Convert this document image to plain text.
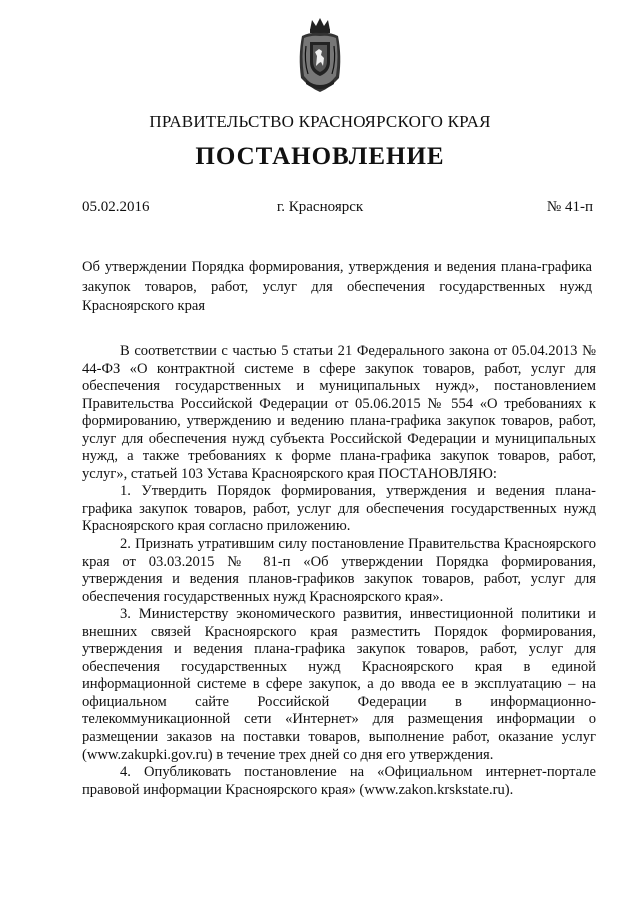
ПРАВИТЕЛЬСТВО КРАСНОЯРСКОГО КРАЯ
ПОСТАНОВЛЕНИЕ
05.02.2016	г. Красноярск	№ 41-п
Об утверждении Порядка формирования, утверждения и ведения плана-графика закупок товаров, работ, услуг для обеспечения государственных нужд Красноярского края

В соответствии с частью 5 статьи 21 Федерального закона от 05.04.2013 № 44-ФЗ «О контрактной системе в сфере закупок товаров, работ, услуг для обеспечения государственных и муниципальных нужд», постановлением Правительства Российской Федерации от 05.06.2015 № 554 «О требованиях к формированию, утверждению и ведению плана-графика закупок товаров, работ, услуг для обеспечения нужд субъекта Российской Федерации и муниципальных нужд, а также требованиях к форме плана-графика закупок товаров, работ, услуг», статьей 103 Устава Красноярского края ПОСТАНОВЛЯЮ:

1. Утвердить Порядок формирования, утверждения и ведения плана-графика закупок товаров, работ, услуг для обеспечения государственных нужд Красноярского края согласно приложению.

2. Признать утратившим силу постановление Правительства Красноярского края от 03.03.2015 № 81-п «Об утверждении Порядка формирования, утверждения и ведения планов-графиков закупок товаров, работ, услуг для обеспечения государственных нужд Красноярского края».

3. Министерству экономического развития, инвестиционной политики и внешних связей Красноярского края разместить Порядок формирования, утверждения и ведения плана-графика закупок товаров, работ, услуг для обеспечения государственных нужд Красноярского края в единой информационной системе в сфере закупок, а до ввода ее в эксплуатацию – на официальном сайте Российской Федерации в информационно-телекоммуникационной сети «Интернет» для размещения информации о размещении заказов на поставки товаров, выполнение работ, оказание услуг (www.zakupki.gov.ru) в течение трех дней со дня его утверждения.

4. Опубликовать постановление на «Официальном интернет-портале правовой информации Красноярского края» (www.zakon.krskstate.ru).
